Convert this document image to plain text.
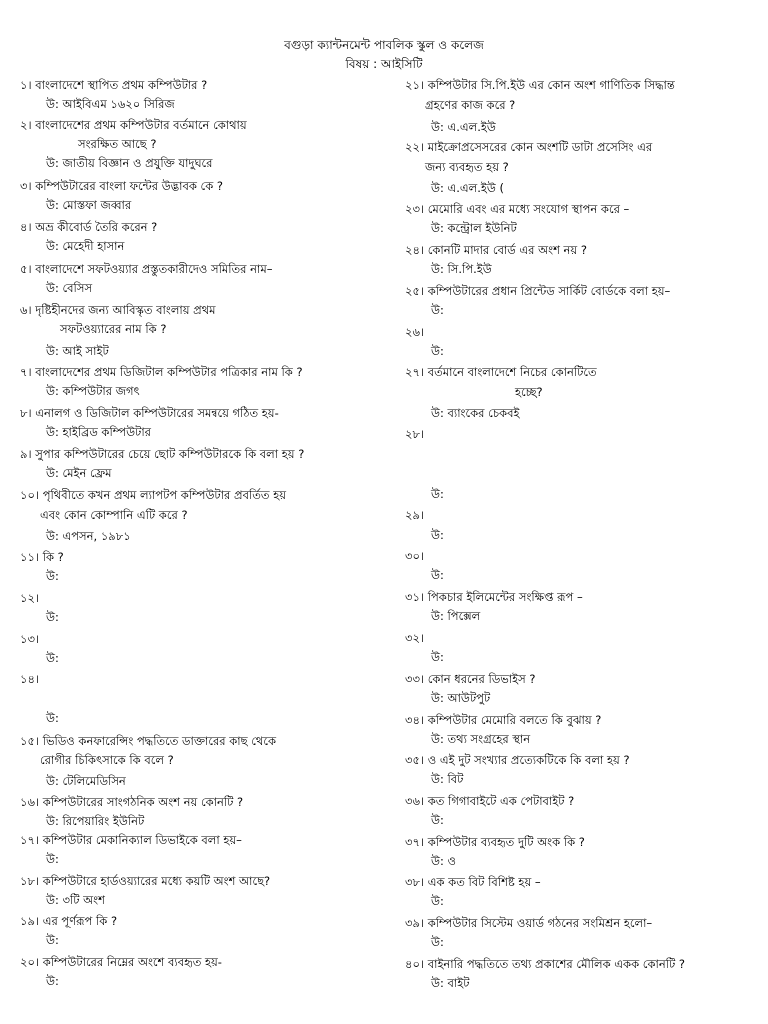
বগুড়া ক্যান্টনমেন্ট পাবলিক স্কুল ও কলেজ
বিষয় : আইসিটি
১। বাংলাদেশে স্থাপিত প্রথম কম্পিউটার ?
উ: আইবিএম ১৬২০ সিরিজ
২। বাংলাদেশের প্রথম কম্পিউটার বর্তমানে কোথায়
সংরক্ষিত আছে ?
উ: জাতীয় বিজ্ঞান ও প্রযুক্তি যাদুঘরে
৩। কম্পিউটারের বাংলা ফন্টের উদ্ভাবক কে ?
উ: মোস্তফা জব্বার
৪। অভ্র কীবোর্ড তৈরি করেন ?
উ: মেহেদী হাসান
৫। বাংলাদেশে সফটওয়্যার প্রস্তুতকারীদেও সমিতির নাম–
উ: বেসিস
৬। দৃষ্টিহীনদের জন্য আবিস্কৃত বাংলায় প্রথম
সফটওয়্যারের নাম কি ?
উ: আই সাইট
৭। বাংলাদেশের প্রথম ডিজিটাল কম্পিউটার পত্রিকার নাম কি ?
উ: কম্পিউটার জগৎ
৮। এনালগ ও ডিজিটাল কম্পিউটারের সমন্বয়ে গঠিত হয়-
উ: হাইব্রিড কম্পিউটার
৯। সুপার কম্পিউটারের চেয়ে ছোট কম্পিউটারকে কি বলা হয় ?
উ: মেইন ফ্রেম
১০। পৃথিবীতে কখন প্রথম ল্যাপটপ কম্পিউটার প্রবর্তিত হয়
এবং কোন কোম্পানি এটি করে ?
উ: এপসন, ১৯৮১
১১। কি ?
উ:
১২।
উ:
১৩।
উ:
১৪।
উ:
১৫। ভিডিও কনফারেন্সিং পদ্ধতিতে ডাক্তারের কাছ থেকে
রোগীর চিকিৎসাকে কি বলে ?
উ: টেলিমেডিসিন
১৬। কম্পিউটারের সাংগঠনিক অংশ নয় কোনটি ?
উ: রিপেয়ারিং ইউনিট
১৭। কম্পিউটার মেকানিক্যাল ডিভাইকে বলা হয়–
উ:
১৮। কম্পিউটারে হার্ডওয়্যারের মধ্যে কয়টি অংশ আছে?
উ: ৩টি অংশ
১৯। এর পূর্ণরূপ কি ?
উ:
২০। কম্পিউটারের নিম্নের অংশে ব্যবহৃত হয়-
উ:
২১। কম্পিউটার সি.পি.ইউ এর কোন অংশ গাণিতিক সিদ্ধান্ত
গ্রহণের কাজ করে ?
উ: এ.এল.ইউ
২২। মাইক্রোপ্রসেসরের কোন অংশটি ডাটা প্রসেসিং এর
জন্য ব্যবহৃত হয় ?
উ: এ.এল.ইউ (
২৩। মেমোরি এবং এর মধ্যে সংযোগ স্থাপন করে –
উ: কন্ট্রোল ইউনিট
২৪। কোনটি মাদার বোর্ড এর অংশ নয় ?
উ: সি.পি.ইউ
২৫। কম্পিউটারের প্রধান প্রিন্টেড সার্কিট বোর্ডকে বলা হয়–
উ:
২৬।
উ:
২৭। বর্তমানে বাংলাদেশে নিচের কোনটিতে
হচ্ছে?
উ: ব্যাংকের চেকবই
২৮।
উ:
২৯।
উ:
৩০।
উ:
৩১। পিকচার ইলিমেন্টের সংক্ষিপ্ত রূপ –
উ: পিক্সেল
৩২।
উ:
৩৩। কোন ধরনের ডিভাইস ?
উ: আউটপুট
৩৪। কম্পিউটার মেমোরি বলতে কি বুঝায় ?
উ: তথ্য সংগ্রহের স্থান
৩৫। ও এই দুট সংখ্যার প্রত্যেকটিকে কি বলা হয় ?
উ: বিট
৩৬। কত গিগাবাইটে এক পেটাবাইট ?
উ:
৩৭। কম্পিউটার ব্যবহৃত দুটি অংক কি ?
উ: ও
৩৮। এক কত বিট বিশিষ্ট হয় –
উ:
৩৯। কম্পিউটার সিস্টেম ওয়ার্ড গঠনের সংমিশ্রন হলো–
উ:
৪০। বাইনারি পদ্ধতিতে তথ্য প্রকাশের মৌলিক একক কোনটি ?
উ: বাইট
